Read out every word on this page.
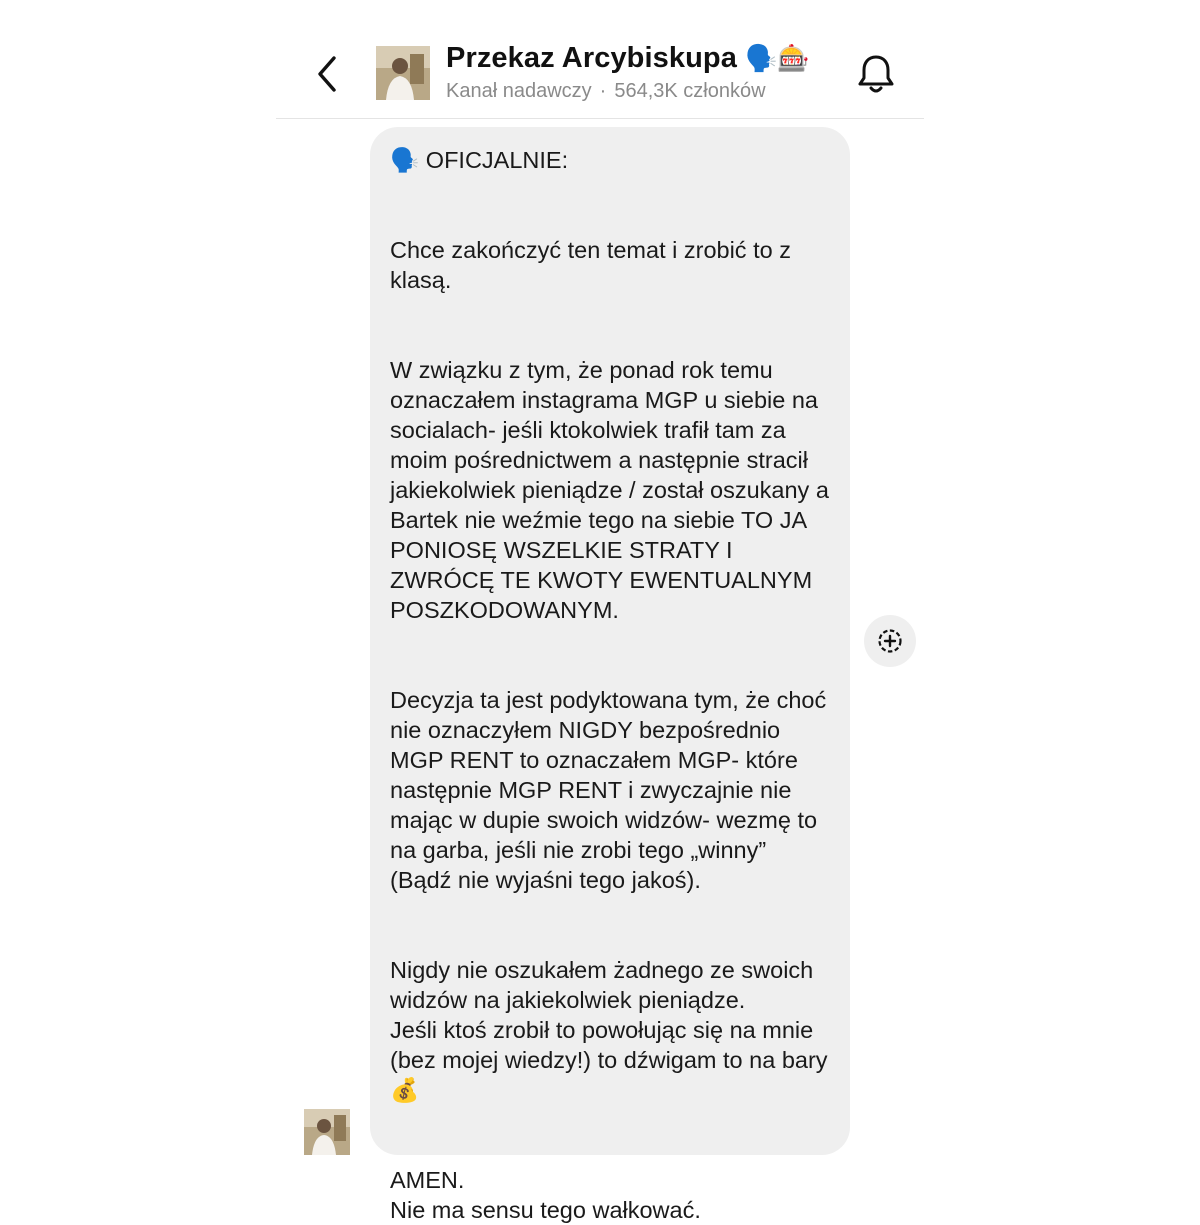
Przekaz Arcybiskupa 🗣️🎰
Kanał nadawczy · 564,3K członków

🗣️ OFICJALNIE:

Chce zakończyć ten temat i zrobić to z klasą.

W związku z tym, że ponad rok temu oznaczałem instagrama MGP u siebie na socialach- jeśli ktokolwiek trafił tam za moim pośrednictwem a następnie stracił jakiekolwiek pieniądze / został oszukany a Bartek nie weźmie tego na siebie TO JA PONIOSĘ WSZELKIE STRATY I ZWRÓCĘ TE KWOTY EWENTUALNYM POSZKODOWANYM.

Decyzja ta jest podyktowana tym, że choć nie oznaczyłem NIGDY bezpośrednio MGP RENT to oznaczałem MGP- które następnie MGP RENT i zwyczajnie nie mając w dupie swoich widzów- wezmę to na garba, jeśli nie zrobi tego „winny” (Bądź nie wyjaśni tego jakoś).

Nigdy nie oszukałem żadnego ze swoich widzów na jakiekolwiek pieniądze.

Jeśli ktoś zrobił to powołując się na mnie (bez mojej wiedzy!) to dźwigam to na bary 💰

AMEN.

Nie ma sensu tego wałkować.
